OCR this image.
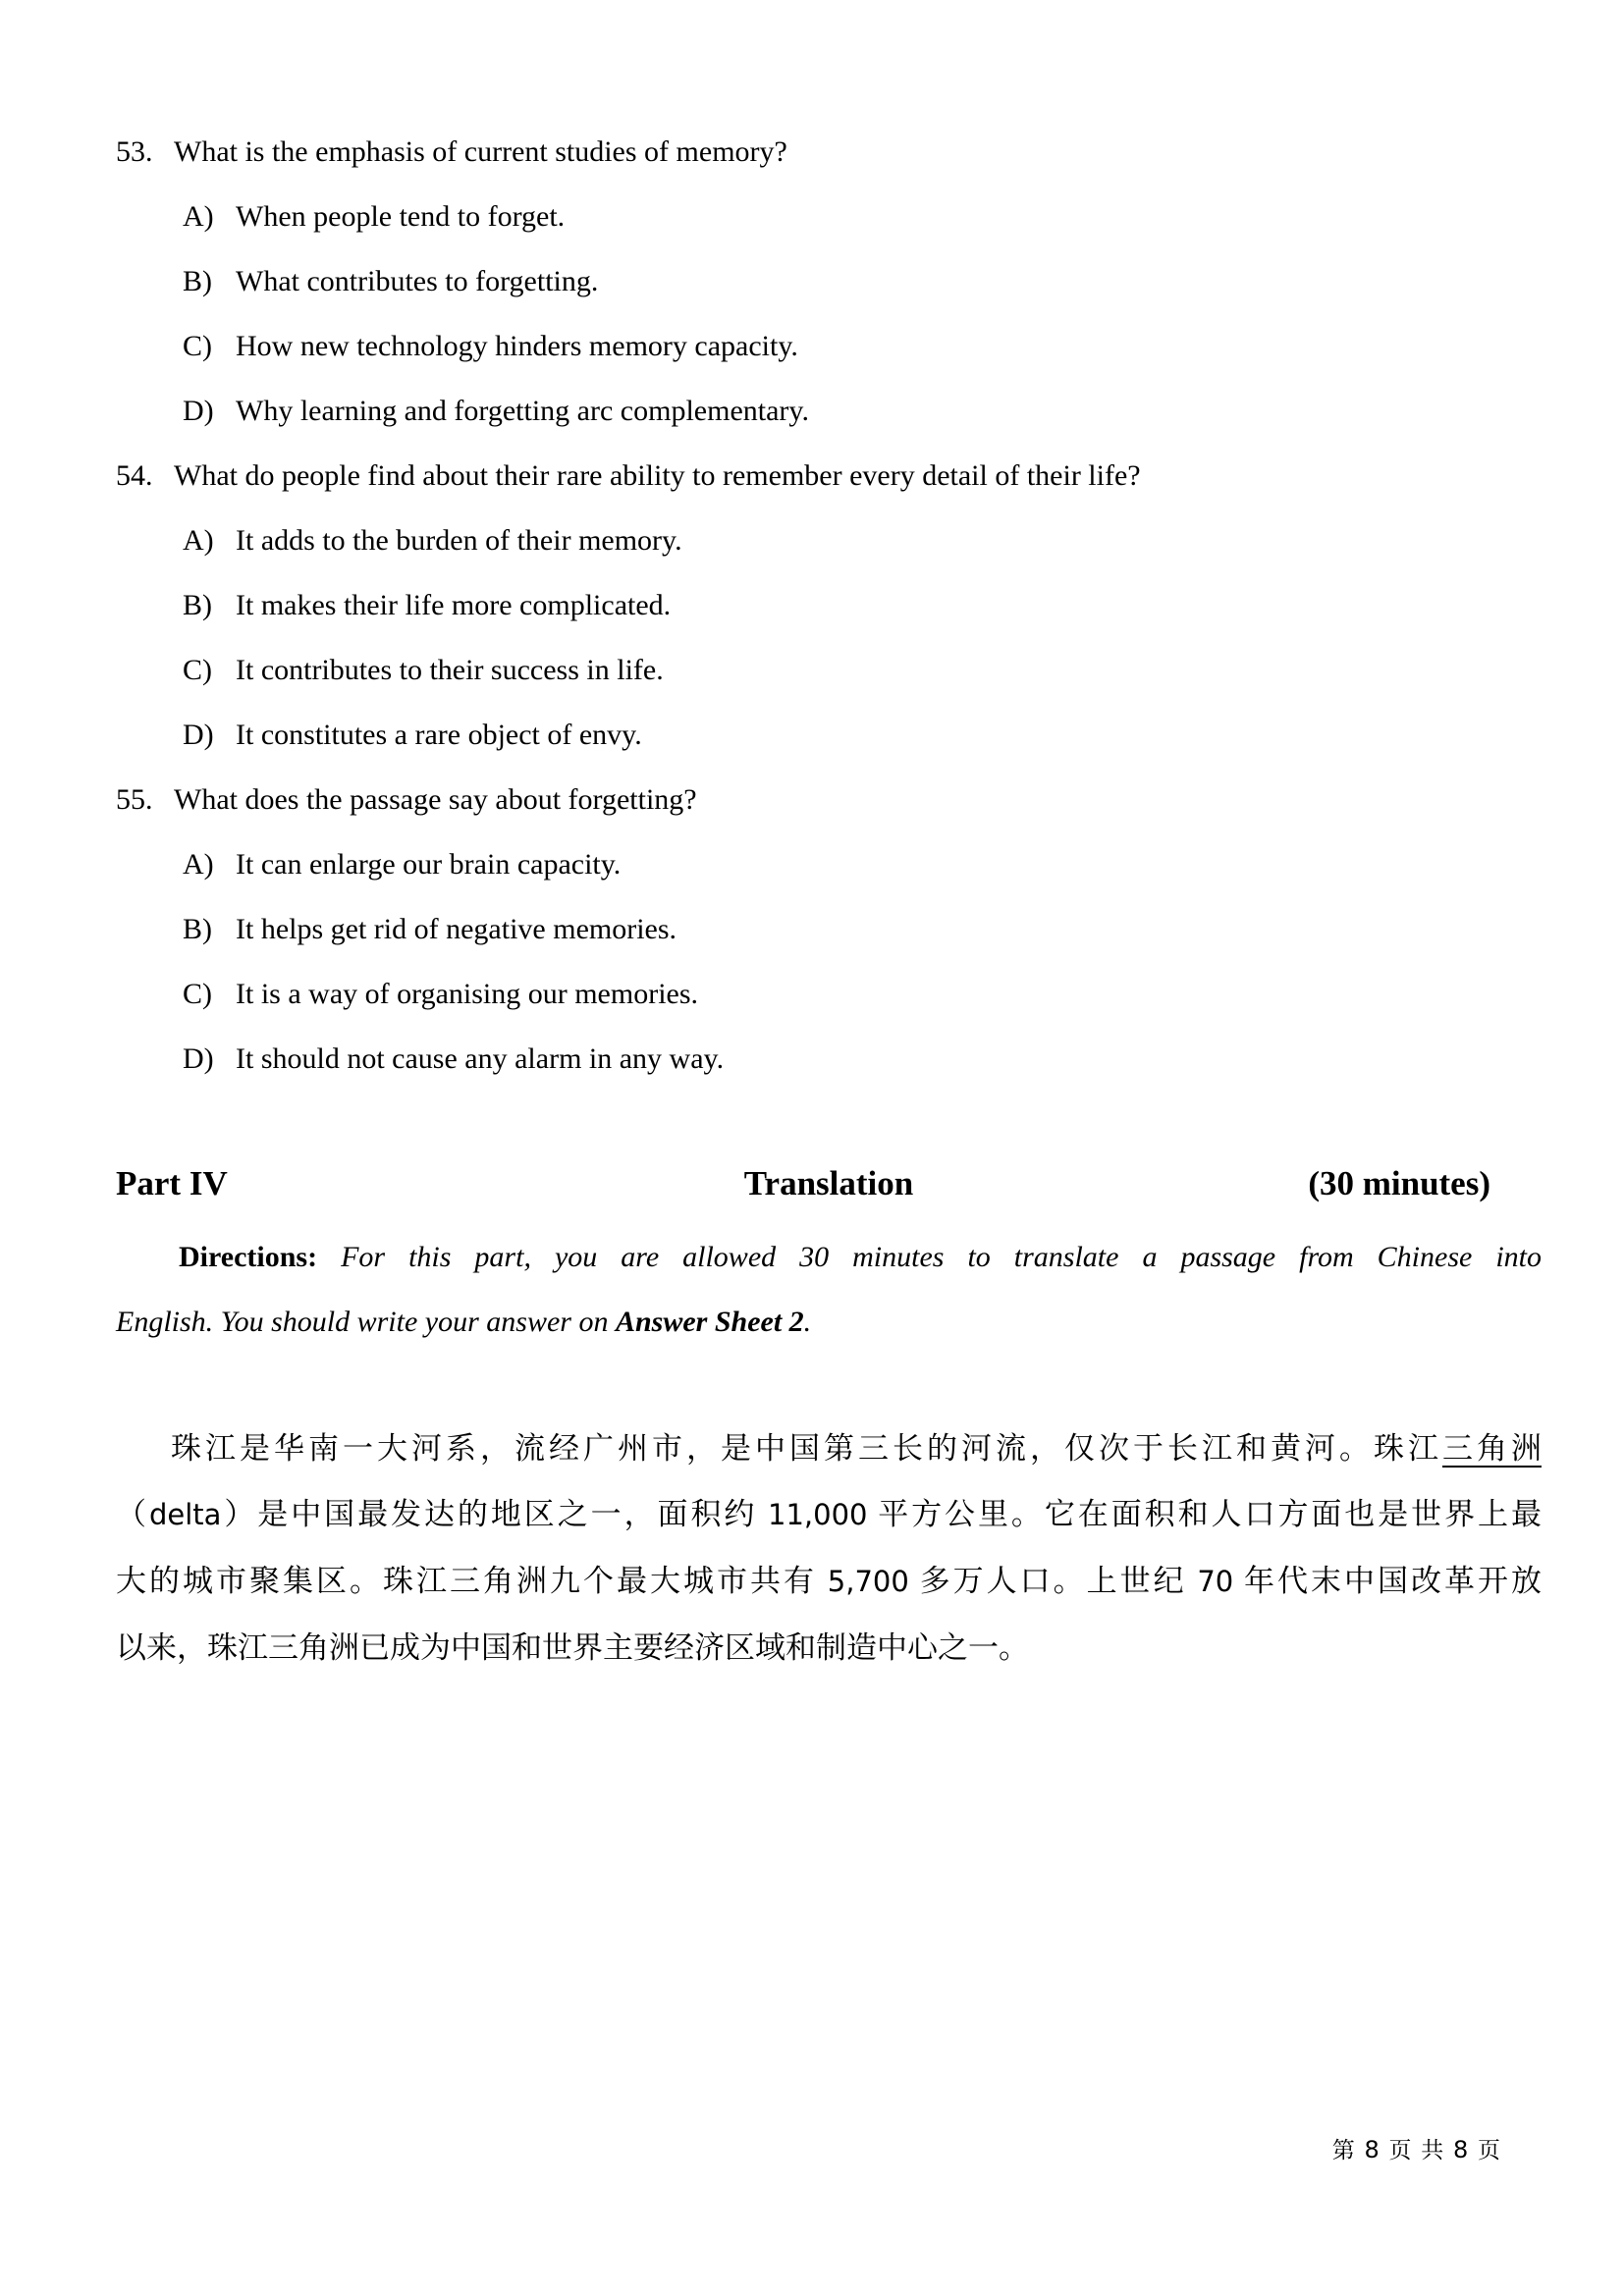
53. What is the emphasis of current studies of memory?
A) When people tend to forget.
B) What contributes to forgetting.
C) How new technology hinders memory capacity.
D) Why learning and forgetting arc complementary.
54. What do people find about their rare ability to remember every detail of their life?
A) It adds to the burden of their memory.
B) It makes their life more complicated.
C) It contributes to their success in life.
D) It constitutes a rare object of envy.
55. What does the passage say about forgetting?
A) It can enlarge our brain capacity.
B) It helps get rid of negative memories.
C) It is a way of organising our memories.
D) It should not cause any alarm in any way.
Part IV	Translation	(30 minutes)
Directions: For this part, you are allowed 30 minutes to translate a passage from Chinese into
English. You should write your answer on Answer Sheet 2.
珠江是华南一大河系，流经广州市，是中国第三长的河流，仅次于长江和黄河。珠江三角洲
（delta）是中国最发达的地区之一，面积约 11,000 平方公里。它在面积和人口方面也是世界上最
大的城市聚集区。珠江三角洲九个最大城市共有 5,700 多万人口。上世纪 70 年代末中国改革开放
以来，珠江三角洲已成为中国和世界主要经济区域和制造中心之一。
第 8 页 共 8 页
